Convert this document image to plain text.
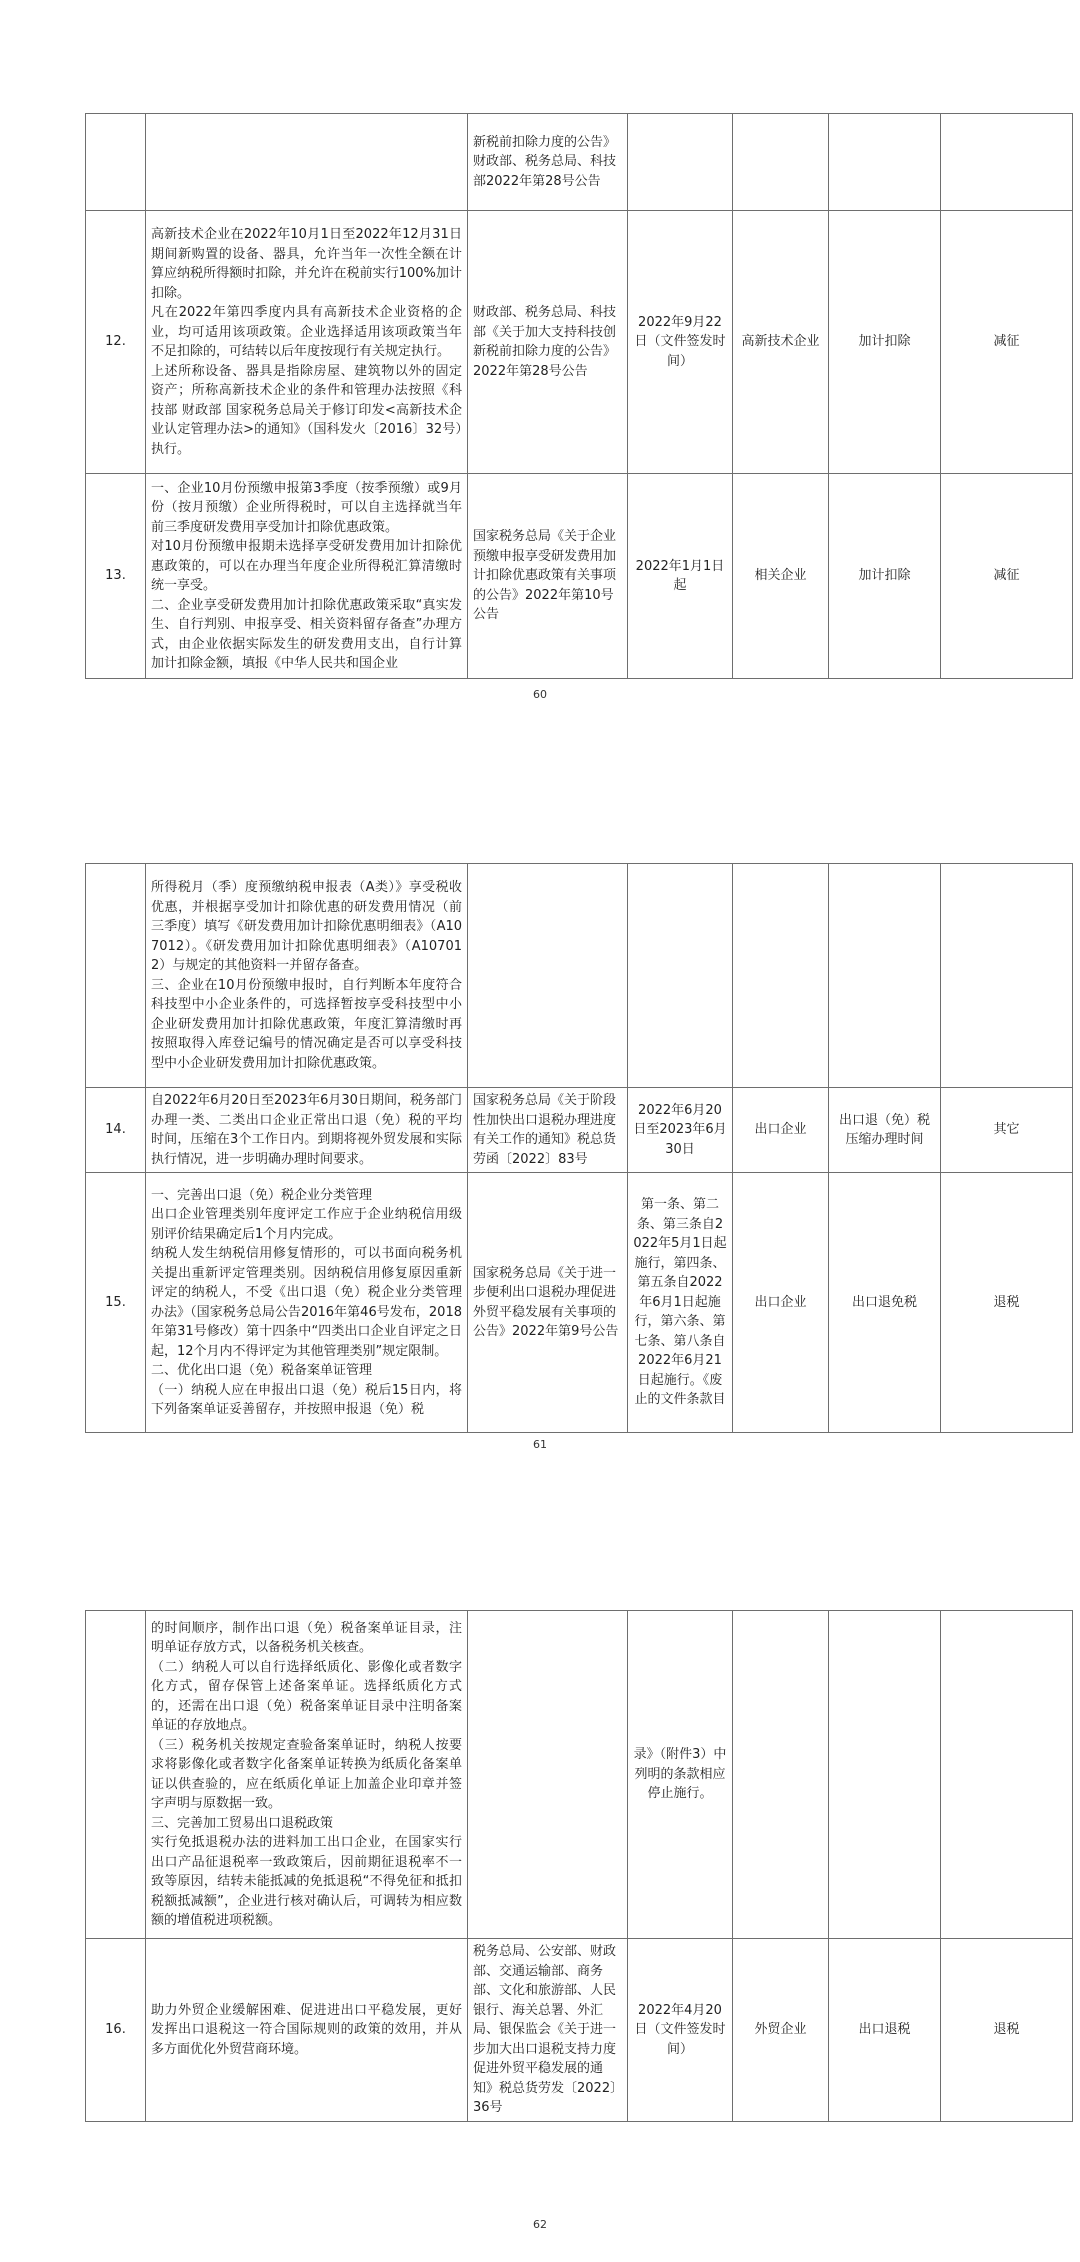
		新税前扣除力度的公告》
财政部、税务总局、科技
部2022年第28号公告				

12.	高新技术企业在2022年10月1日至2022年12月31日期间新购置的设备、器具，允许当年一次性全额在计算应纳税所得额时扣除，并允许在税前实行100%加计扣除。
凡在2022年第四季度内具有高新技术企业资格的企业，均可适用该项政策。企业选择适用该项政策当年不足扣除的，可结转以后年度按现行有关规定执行。
上述所称设备、器具是指除房屋、建筑物以外的固定资产；所称高新技术企业的条件和管理办法按照《科技部 财政部 国家税务总局关于修订印发<高新技术企业认定管理办法>的通知》（国科发火〔2016〕32号）执行。	财政部、税务总局、科技部《关于加大支持科技创新税前扣除力度的公告》2022年第28号公告	2022年9月22日（文件签发时间）	高新技术企业	加计扣除	减征
13.	一、企业10月份预缴申报第3季度（按季预缴）或9月份（按月预缴）企业所得税时，可以自主选择就当年前三季度研发费用享受加计扣除优惠政策。
对10月份预缴申报期未选择享受研发费用加计扣除优惠政策的，可以在办理当年度企业所得税汇算清缴时统一享受。
二、企业享受研发费用加计扣除优惠政策采取“真实发生、自行判别、申报享受、相关资料留存备查”办理方式，由企业依据实际发生的研发费用支出，自行计算加计扣除金额，填报《中华人民共和国企业	国家税务总局《关于企业预缴申报享受研发费用加计扣除优惠政策有关事项的公告》2022年第10号公告	2022年1月1日起	相关企业	加计扣除	减征
60

	所得税月（季）度预缴纳税申报表（A类）》享受税收优惠，并根据享受加计扣除优惠的研发费用情况（前三季度）填写《研发费用加计扣除优惠明细表》（A107012）。《研发费用加计扣除优惠明细表》（A107012）与规定的其他资料一并留存备查。
三、企业在10月份预缴申报时，自行判断本年度符合科技型中小企业条件的，可选择暂按享受科技型中小企业研发费用加计扣除优惠政策，年度汇算清缴时再按照取得入库登记编号的情况确定是否可以享受科技型中小企业研发费用加计扣除优惠政策。					

14.	自2022年6月20日至2023年6月30日期间，税务部门办理一类、二类出口企业正常出口退（免）税的平均时间，压缩在3个工作日内。到期将视外贸发展和实际执行情况，进一步明确办理时间要求。	国家税务总局《关于阶段性加快出口退税办理进度有关工作的通知》税总货劳函〔2022〕83号	2022年6月20日至2023年6月30日	出口企业	出口退（免）税压缩办理时间	其它
15.	一、完善出口退（免）税企业分类管理
出口企业管理类别年度评定工作应于企业纳税信用级别评价结果确定后1个月内完成。
纳税人发生纳税信用修复情形的，可以书面向税务机关提出重新评定管理类别。因纳税信用修复原因重新评定的纳税人，不受《出口退（免）税企业分类管理办法》（国家税务总局公告2016年第46号发布，2018年第31号修改）第十四条中“四类出口企业自评定之日起，12个月内不得评定为其他管理类别”规定限制。
二、优化出口退（免）税备案单证管理
（一）纳税人应在申报出口退（免）税后15日内，将下列备案单证妥善留存，并按照申报退（免）税	国家税务总局《关于进一步便利出口退税办理促进外贸平稳发展有关事项的公告》2022年第9号公告	第一条、第二条、第三条自2022年5月1日起施行，第四条、第五条自2022年6月1日起施行，第六条、第七条、第八条自2022年6月21日起施行。《废止的文件条款目	出口企业	出口退免税	退税
61

	的时间顺序，制作出口退（免）税备案单证目录，注明单证存放方式，以备税务机关核查。
（二）纳税人可以自行选择纸质化、影像化或者数字化方式，留存保管上述备案单证。选择纸质化方式的，还需在出口退（免）税备案单证目录中注明备案单证的存放地点。
（三）税务机关按规定查验备案单证时，纳税人按要求将影像化或者数字化备案单证转换为纸质化备案单证以供查验的，应在纸质化单证上加盖企业印章并签字声明与原数据一致。
三、完善加工贸易出口退税政策
实行免抵退税办法的进料加工出口企业，在国家实行出口产品征退税率一致政策后，因前期征退税率不一致等原因，结转未能抵减的免抵退税“不得免征和抵扣税额抵减额”，企业进行核对确认后，可调转为相应数额的增值税进项税额。		录》（附件3）中列明的条款相应停止施行。			
16.	助力外贸企业缓解困难、促进进出口平稳发展，更好发挥出口退税这一符合国际规则的政策的效用，并从多方面优化外贸营商环境。	税务总局、公安部、财政部、交通运输部、商务部、文化和旅游部、人民银行、海关总署、外汇局、银保监会《关于进一步加大出口退税支持力度促进外贸平稳发展的通知》税总货劳发〔2022〕36号	2022年4月20日（文件签发时间）	外贸企业	出口退税	退税
62
